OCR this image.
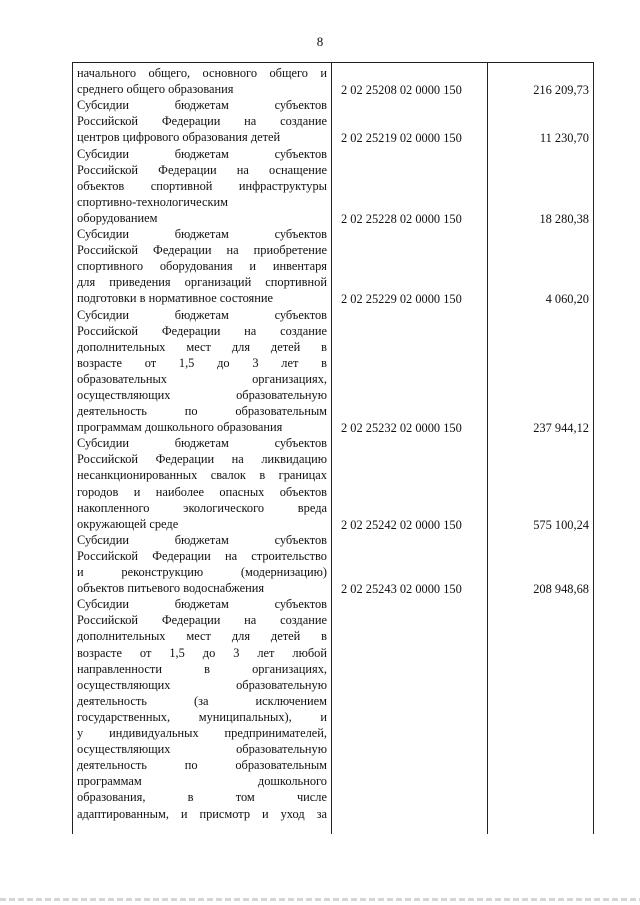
8
начального общего, основного общего и
среднего общего образования	2 02 25208 02 0000 150	216 209,73
Субсидии бюджетам субъектов
Российской Федерации на создание
центров цифрового образования детей	2 02 25219 02 0000 150	11 230,70
Субсидии бюджетам субъектов
Российской Федерации на оснащение
объектов спортивной инфраструктуры
спортивно-технологическим
оборудованием	2 02 25228 02 0000 150	18 280,38
Субсидии бюджетам субъектов
Российской Федерации на приобретение
спортивного оборудования и инвентаря
для приведения организаций спортивной
подготовки в нормативное состояние	2 02 25229 02 0000 150	4 060,20
Субсидии бюджетам субъектов
Российской Федерации на создание
дополнительных мест для детей в
возрасте от 1,5 до 3 лет в
образовательных организациях,
осуществляющих образовательную
деятельность по образовательным
программам дошкольного образования	2 02 25232 02 0000 150	237 944,12
Субсидии бюджетам субъектов
Российской Федерации на ликвидацию
несанкционированных свалок в границах
городов и наиболее опасных объектов
накопленного экологического вреда
окружающей среде	2 02 25242 02 0000 150	575 100,24
Субсидии бюджетам субъектов
Российской Федерации на строительство
и реконструкцию (модернизацию)
объектов питьевого водоснабжения	2 02 25243 02 0000 150	208 948,68
Субсидии бюджетам субъектов
Российской Федерации на создание
дополнительных мест для детей в
возрасте от 1,5 до 3 лет любой
направленности в организациях,
осуществляющих образовательную
деятельность (за исключением
государственных, муниципальных), и
у индивидуальных предпринимателей,
осуществляющих образовательную
деятельность по образовательным
программам дошкольного
образования, в том числе
адаптированным, и присмотр и уход за
